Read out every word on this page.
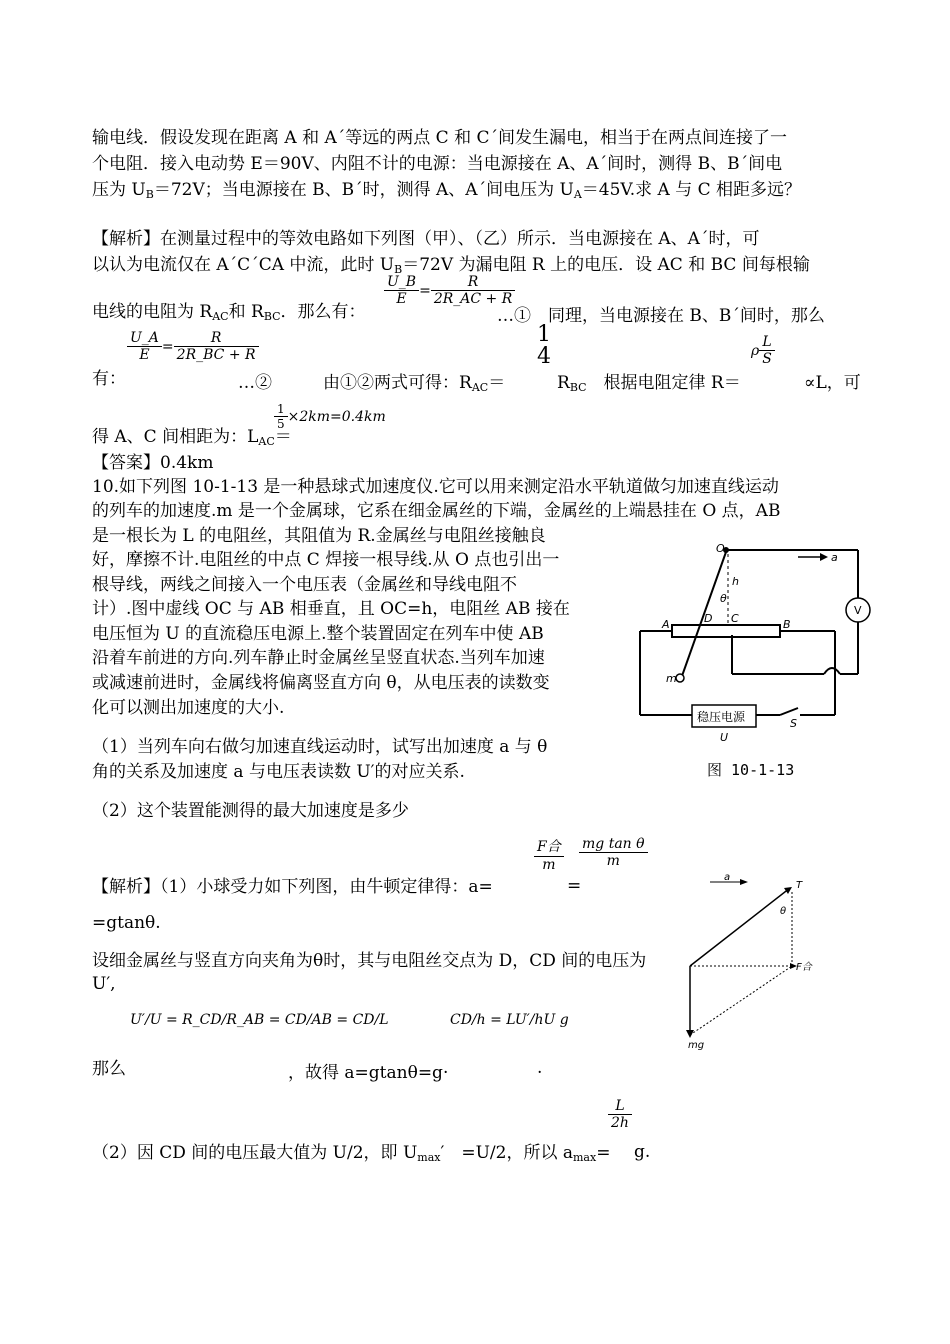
输电线．假设发现在距离 A 和 A´等远的两点 C 和 C´间发生漏电，相当于在两点间连接了一
个电阻．接入电动势 E＝90V、内阻不计的电源：当电源接在 A、A´间时，测得 B、B´间电
压为 $U_B=72V$；当电源接在 B、B´时，测得 A、A´间电压为 $U_A=45V$.求 A 与 C 相距多远？
【解析】在测量过程中的等效电路如下列图（甲）、（乙）所示．当电源接在 A、A´时，可
以认为电流仅在 A´C´CA 中流，此时 $U_B=72V$ 为漏电阻 R 上的电压．设 AC 和 BC 间每根输
$\frac{U\_B}{E} = \frac{R}{2R\_AC + R}$
电线的电阻为 $R_{AC}$和 $R_{BC}$．那么有：	…①　同理，当电源接在 B、B´间时，那么
$\frac{U\_A}{E} = \frac{R}{2R\_BC + R}$	1
4	ρ $\frac{L}{S}$
有：	…②　　　由①②两式可得：$R_{AC}=$	$R_{BC}$　根据电阻定律 R＝	∝L，可
$\frac{1}{5} \times 2km=0.4km$
得 A、C 间相距为：$L_{AC}=$
【答案】0.4km
10.如下列图 10-1-13 是一种悬球式加速度仪.它可以用来测定沿水平轨道做匀加速直线运动
的列车的加速度.m 是一个金属球，它系在细金属丝的下端，金属丝的上端悬挂在 O 点，AB
是一根长为 L 的电阻丝，其阻值为 R.金属丝与电阻丝接触良
好，摩擦不计.电阻丝的中点 C 焊接一根导线.从 O 点也引出一
根导线，两线之间接入一个电压表（金属丝和导线电阻不
计）.图中虚线 OC 与 AB 相垂直，且 OC=h，电阻丝 AB 接在
电压恒为 U 的直流稳压电源上.整个装置固定在列车中使 AB
沿着车前进的方向.列车静止时金属丝呈竖直状态.当列车加速
或减速前进时，金属线将偏离竖直方向 θ，从电压表的读数变
化可以测出加速度的大小.
（1）当列车向右做匀加速直线运动时，试写出加速度 a 与 θ
角的关系及加速度 a 与电压表读数 U′的对应关系.
（2）这个装置能测得的最大加速度是多少
O
a
h
θ
D C
A	B
V
m
S
U
稳压电源
图 10-1-13
$\frac{\text{F合}}{m} \frac{\text{mg tan θ}}{m}$
【解析】（1）小球受力如下列图，由牛顿定律得：a=	=
=gtanθ.
设细金属丝与竖直方向夹角为θ时，其与电阻丝交点为 D，CD 间的电压为
U′,
a
T
θ
F合
mg
U′/U = R_CD/R_AB = CD/AB = CD/L	CD/h = LU′/hU g
那么	，故得 a=gtanθ=g·	.
$\frac{L}{2h}$
（2）因 CD 间的电压最大值为 U/2，即 $U_{max}'$　=U/2，所以 $a_{max}= g$.
